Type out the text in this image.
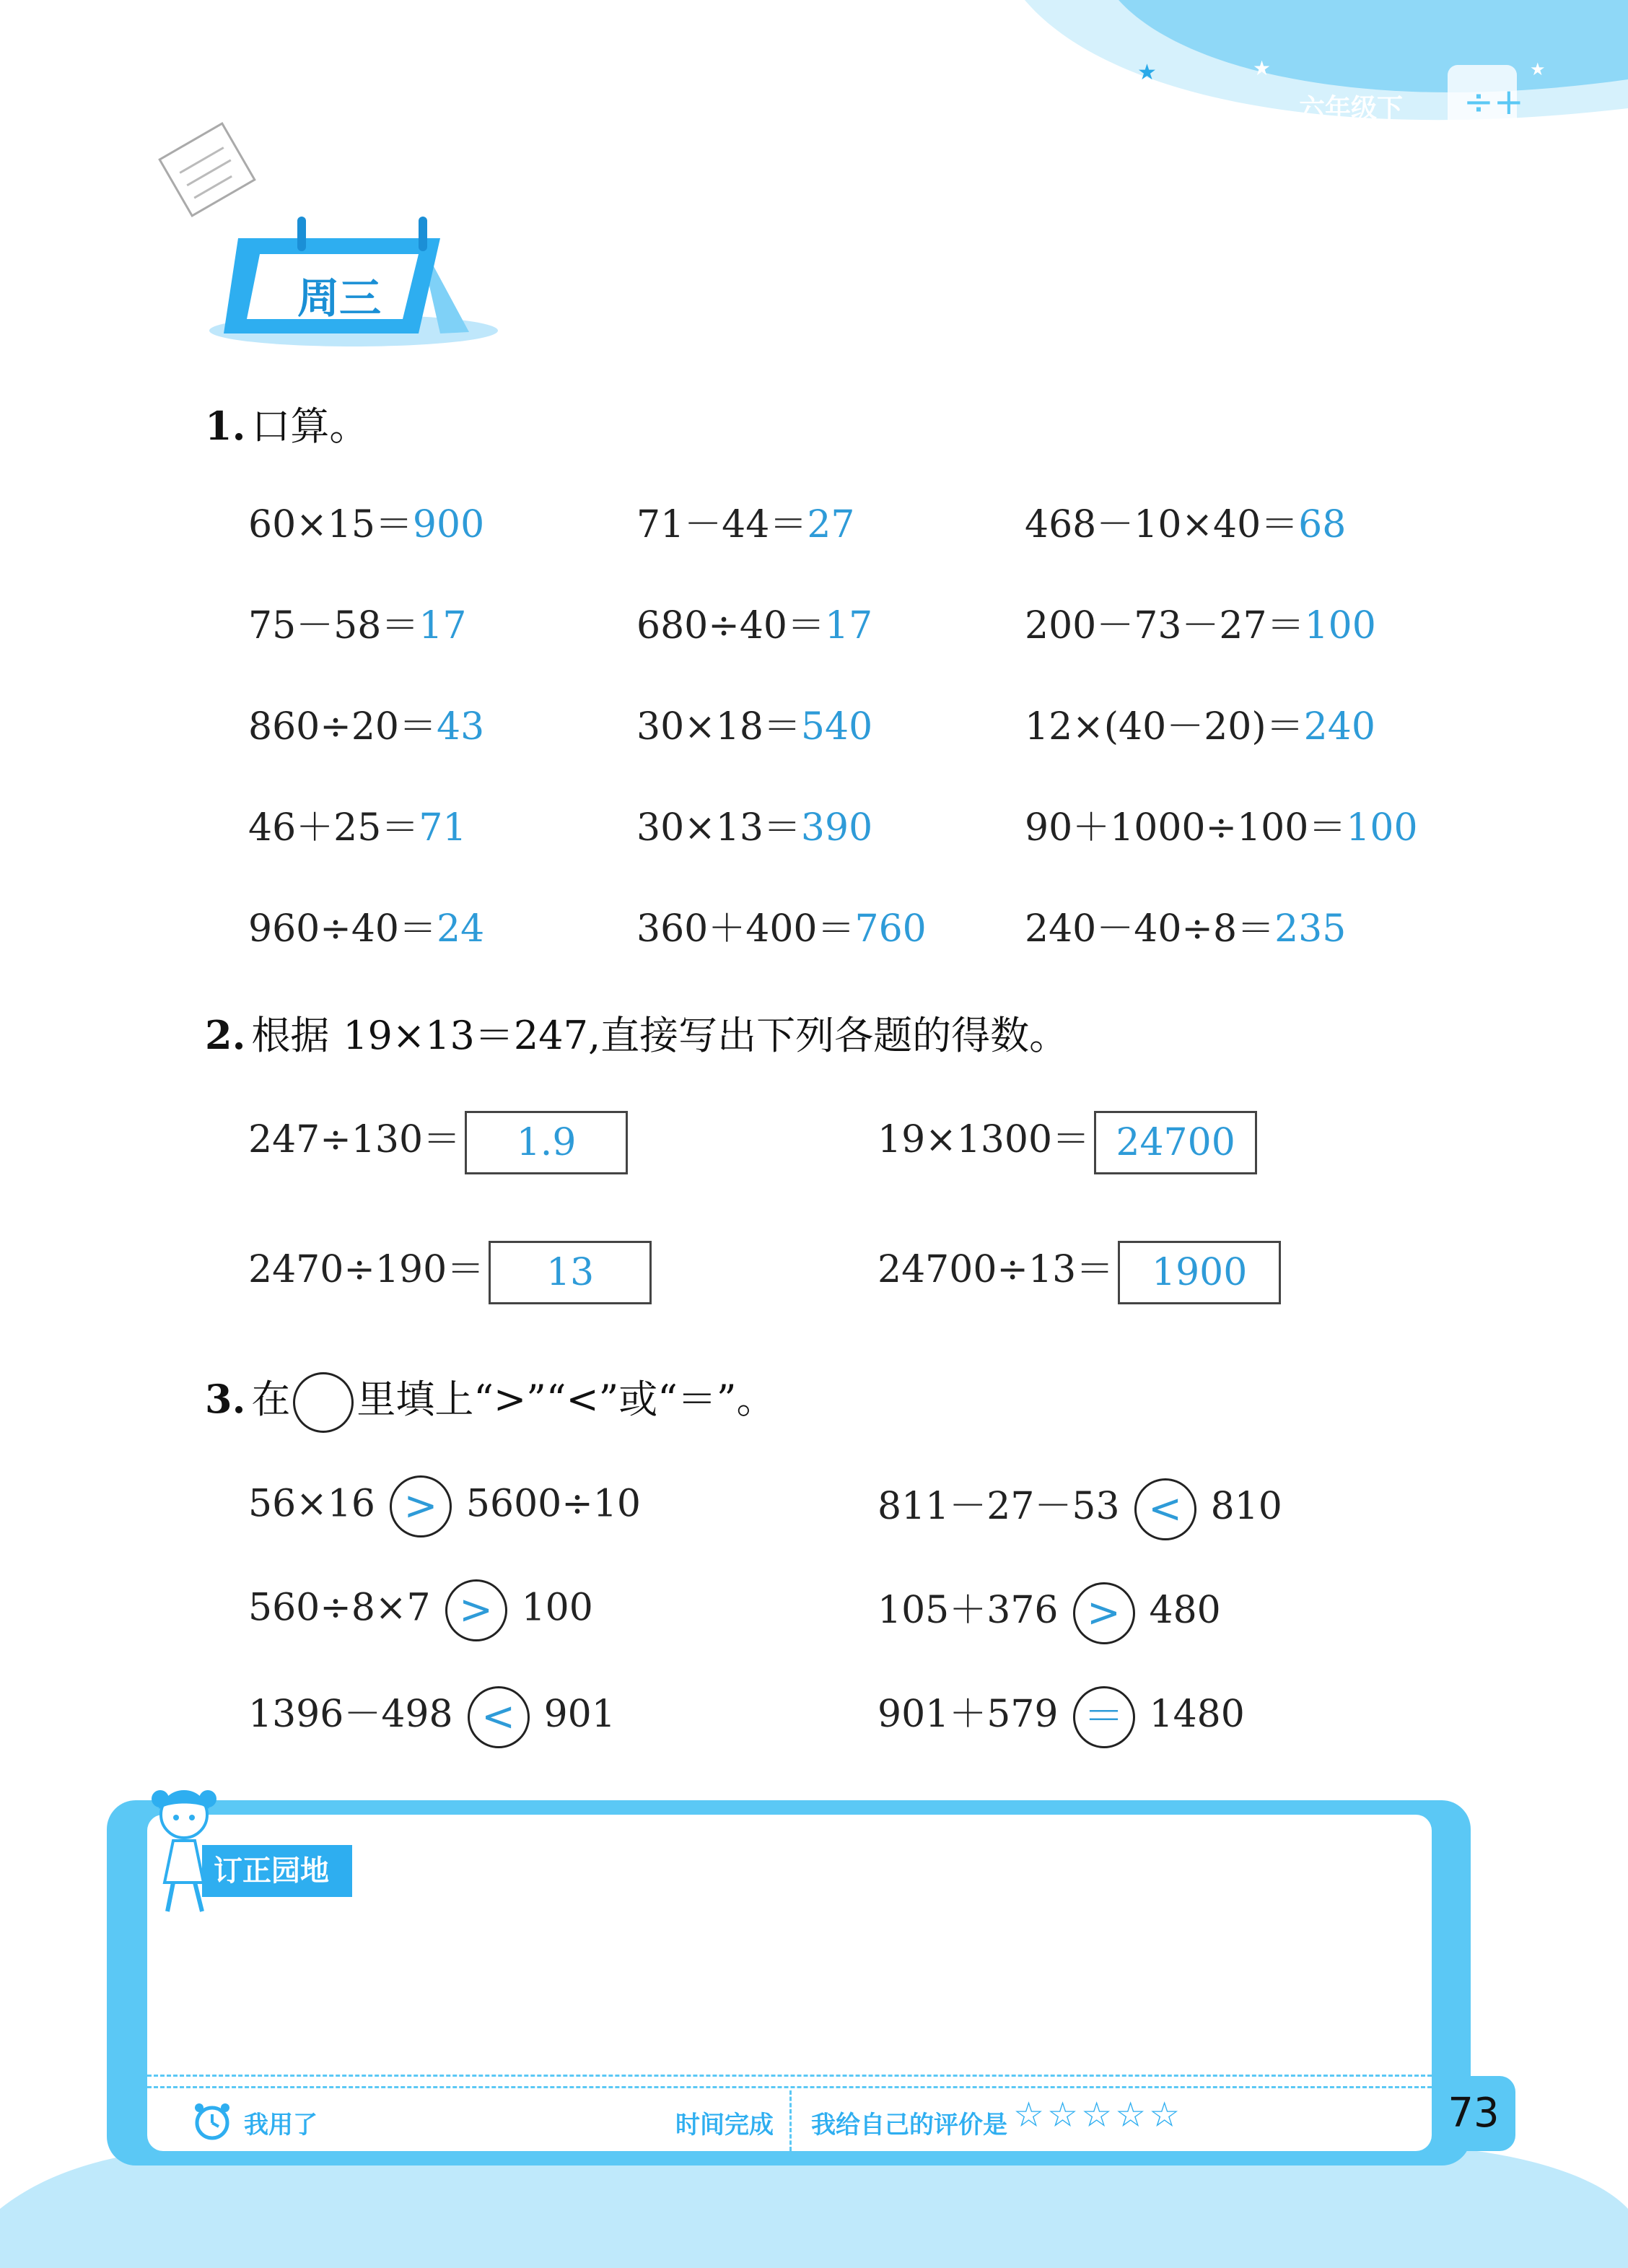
★	★	★
★
÷+
六年级下
周三
1. 口算。
60×15＝900	71－44＝27	468－10×40＝68
75－58＝17	680÷40＝17	200－73－27＝100
860÷20＝43	30×18＝540	12×(40－20)＝240
46＋25＝71	30×13＝390	90＋1000÷100＝100
960÷40＝24	360＋400＝760	240－40÷8＝235
2. 根据 19×13＝247,直接写出下列各题的得数。
247÷130＝ 1.9	19×1300＝ 24700
2470÷190＝ 13	24700÷13＝ 1900
3. 在 里填上“>”“<”或“＝”。
56×16 > 5600÷10	811－27－53 < 810
560÷8×7 > 100	105＋376 > 480
1396－498 < 901	901＋579 ＝ 1480
订正园地
我用了	时间完成 我给自己的评价是 ☆☆☆☆☆	73
